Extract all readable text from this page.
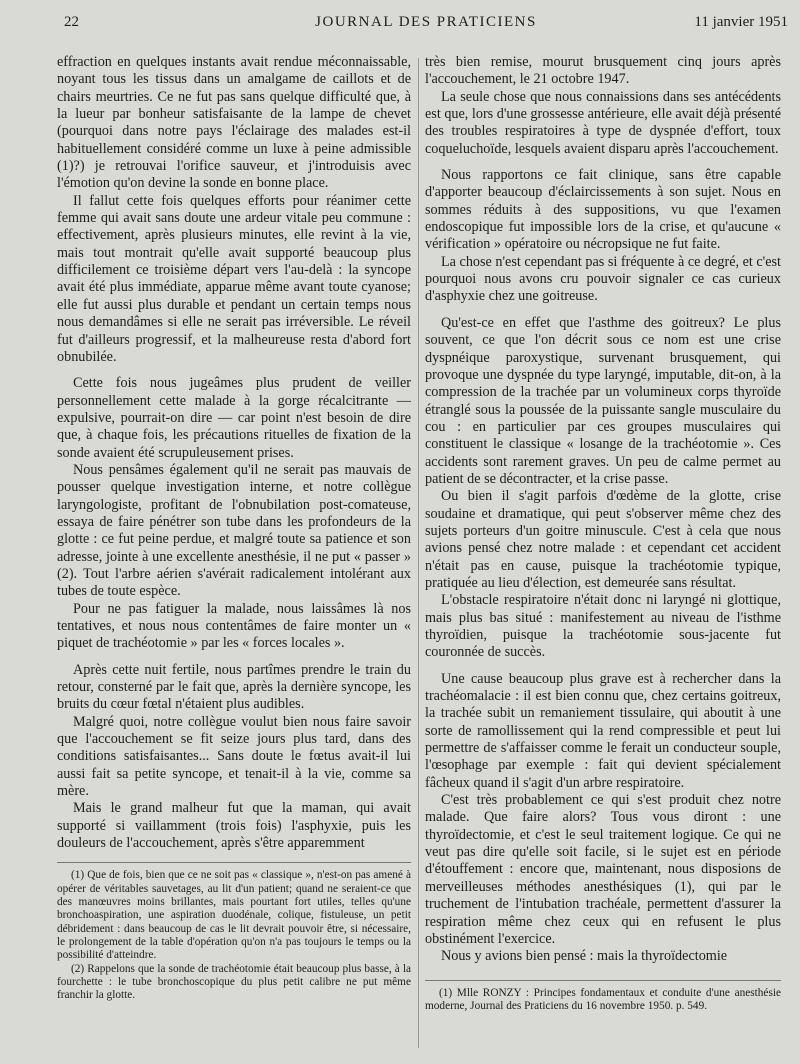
22	JOURNAL DES PRATICIENS	11 janvier 1951

effraction en quelques instants avait rendue méconnaissable, noyant tous les tissus dans un amalgame de caillots et de chairs meurtries. Ce ne fut pas sans quelque difficulté que, à la lueur par bonheur satisfaisante de la lampe de chevet (pourquoi dans notre pays l'éclairage des malades est-il habituellement considéré comme un luxe à peine admissible (1)?) je retrouvai l'orifice sauveur, et j'introduisis avec l'émotion qu'on devine la sonde en bonne place.

Il fallut cette fois quelques efforts pour réanimer cette femme qui avait sans doute une ardeur vitale peu commune : effectivement, après plusieurs minutes, elle revint à la vie, mais tout montrait qu'elle avait supporté beaucoup plus difficilement ce troisième départ vers l'au-delà : la syncope avait été plus immédiate, apparue même avant toute cyanose; elle fut aussi plus durable et pendant un certain temps nous nous demandâmes si elle ne serait pas irréversible. Le réveil fut d'ailleurs progressif, et la malheureuse resta d'abord fort obnubilée.

Cette fois nous jugeâmes plus prudent de veiller personnellement cette malade à la gorge récalcitrante — expulsive, pourrait-on dire — car point n'est besoin de dire que, à chaque fois, les précautions rituelles de fixation de la sonde avaient été scrupuleusement prises.

Nous pensâmes également qu'il ne serait pas mauvais de pousser quelque investigation interne, et notre collègue laryngologiste, profitant de l'obnubilation post-comateuse, essaya de faire pénétrer son tube dans les profondeurs de la glotte : ce fut peine perdue, et malgré toute sa patience et son adresse, jointe à une excellente anesthésie, il ne put « passer » (2). Tout l'arbre aérien s'avérait radicalement intolérant aux tubes de toute espèce.

Pour ne pas fatiguer la malade, nous laissâmes là nos tentatives, et nous nous contentâmes de faire monter un « piquet de trachéotomie » par les « forces locales ».

Après cette nuit fertile, nous partîmes prendre le train du retour, consterné par le fait que, après la dernière syncope, les bruits du cœur fœtal n'étaient plus audibles.

Malgré quoi, notre collègue voulut bien nous faire savoir que l'accouchement se fit seize jours plus tard, dans des conditions satisfaisantes... Sans doute le fœtus avait-il lui aussi fait sa petite syncope, et tenait-il à la vie, comme sa mère.

Mais le grand malheur fut que la maman, qui avait supporté si vaillamment (trois fois) l'asphyxie, puis les douleurs de l'accouchement, après s'être apparemment

(1) Que de fois, bien que ce ne soit pas « classique », n'est-on pas amené à opérer de véritables sauvetages, au lit d'un patient; quand ne seraient-ce que des manœuvres moins brillantes, mais pourtant fort utiles, telles qu'une bronchoaspiration, une aspiration duodénale, colique, fistuleuse, un petit débridement : dans beaucoup de cas le lit devrait pouvoir être, si nécessaire, le prolongement de la table d'opération qu'on n'a pas toujours le temps ou la possibilité d'atteindre.

(2) Rappelons que la sonde de trachéotomie était beaucoup plus basse, à la fourchette : le tube bronchoscopique du plus petit calibre ne put même franchir la glotte.

très bien remise, mourut brusquement cinq jours après l'accouchement, le 21 octobre 1947.

La seule chose que nous connaissions dans ses antécédents est que, lors d'une grossesse antérieure, elle avait déjà présenté des troubles respiratoires à type de dyspnée d'effort, toux coqueluchoïde, lesquels avaient disparu après l'accouchement.

Nous rapportons ce fait clinique, sans être capable d'apporter beaucoup d'éclaircissements à son sujet. Nous en sommes réduits à des suppositions, vu que l'examen endoscopique fut impossible lors de la crise, et qu'aucune « vérification » opératoire ou nécropsique ne fut faite.

La chose n'est cependant pas si fréquente à ce degré, et c'est pourquoi nous avons cru pouvoir signaler ce cas curieux d'asphyxie chez une goitreuse.

Qu'est-ce en effet que l'asthme des goitreux? Le plus souvent, ce que l'on décrit sous ce nom est une crise dyspnéique paroxystique, survenant brusquement, qui provoque une dyspnée du type laryngé, imputable, dit-on, à la compression de la trachée par un volumineux corps thyroïde étranglé sous la poussée de la puissante sangle musculaire du cou : en particulier par ces groupes musculaires qui constituent le classique « losange de la trachéotomie ». Ces accidents sont rarement graves. Un peu de calme permet au patient de se décontracter, et la crise passe.

Ou bien il s'agit parfois d'œdème de la glotte, crise soudaine et dramatique, qui peut s'observer même chez des sujets porteurs d'un goitre minuscule. C'est à cela que nous avions pensé chez notre malade : et cependant cet accident n'était pas en cause, puisque la trachéotomie typique, pratiquée au lieu d'élection, est demeurée sans résultat.

L'obstacle respiratoire n'était donc ni laryngé ni glottique, mais plus bas situé : manifestement au niveau de l'isthme thyroïdien, puisque la trachéotomie sous-jacente fut couronnée de succès.

Une cause beaucoup plus grave est à rechercher dans la trachéomalacie : il est bien connu que, chez certains goitreux, la trachée subit un remaniement tissulaire, qui aboutit à une sorte de ramollissement qui la rend compressible et peut lui permettre de s'affaisser comme le ferait un conducteur souple, l'œsophage par exemple : fait qui devient spécialement fâcheux quand il s'agit d'un arbre respiratoire.

C'est très probablement ce qui s'est produit chez notre malade. Que faire alors? Tous vous diront : une thyroïdectomie, et c'est le seul traitement logique. Ce qui ne veut pas dire qu'elle soit facile, si le sujet est en période d'étouffement : encore que, maintenant, nous disposions de merveilleuses méthodes anesthésiques (1), qui par le truchement de l'intubation trachéale, permettent d'assurer la respiration même chez ceux qui en refusent le plus obstinément l'exercice.

Nous y avions bien pensé : mais la thyroïdectomie

(1) Mlle RONZY : Principes fondamentaux et conduite d'une anesthésie moderne, Journal des Praticiens du 16 novembre 1950. p. 549.
